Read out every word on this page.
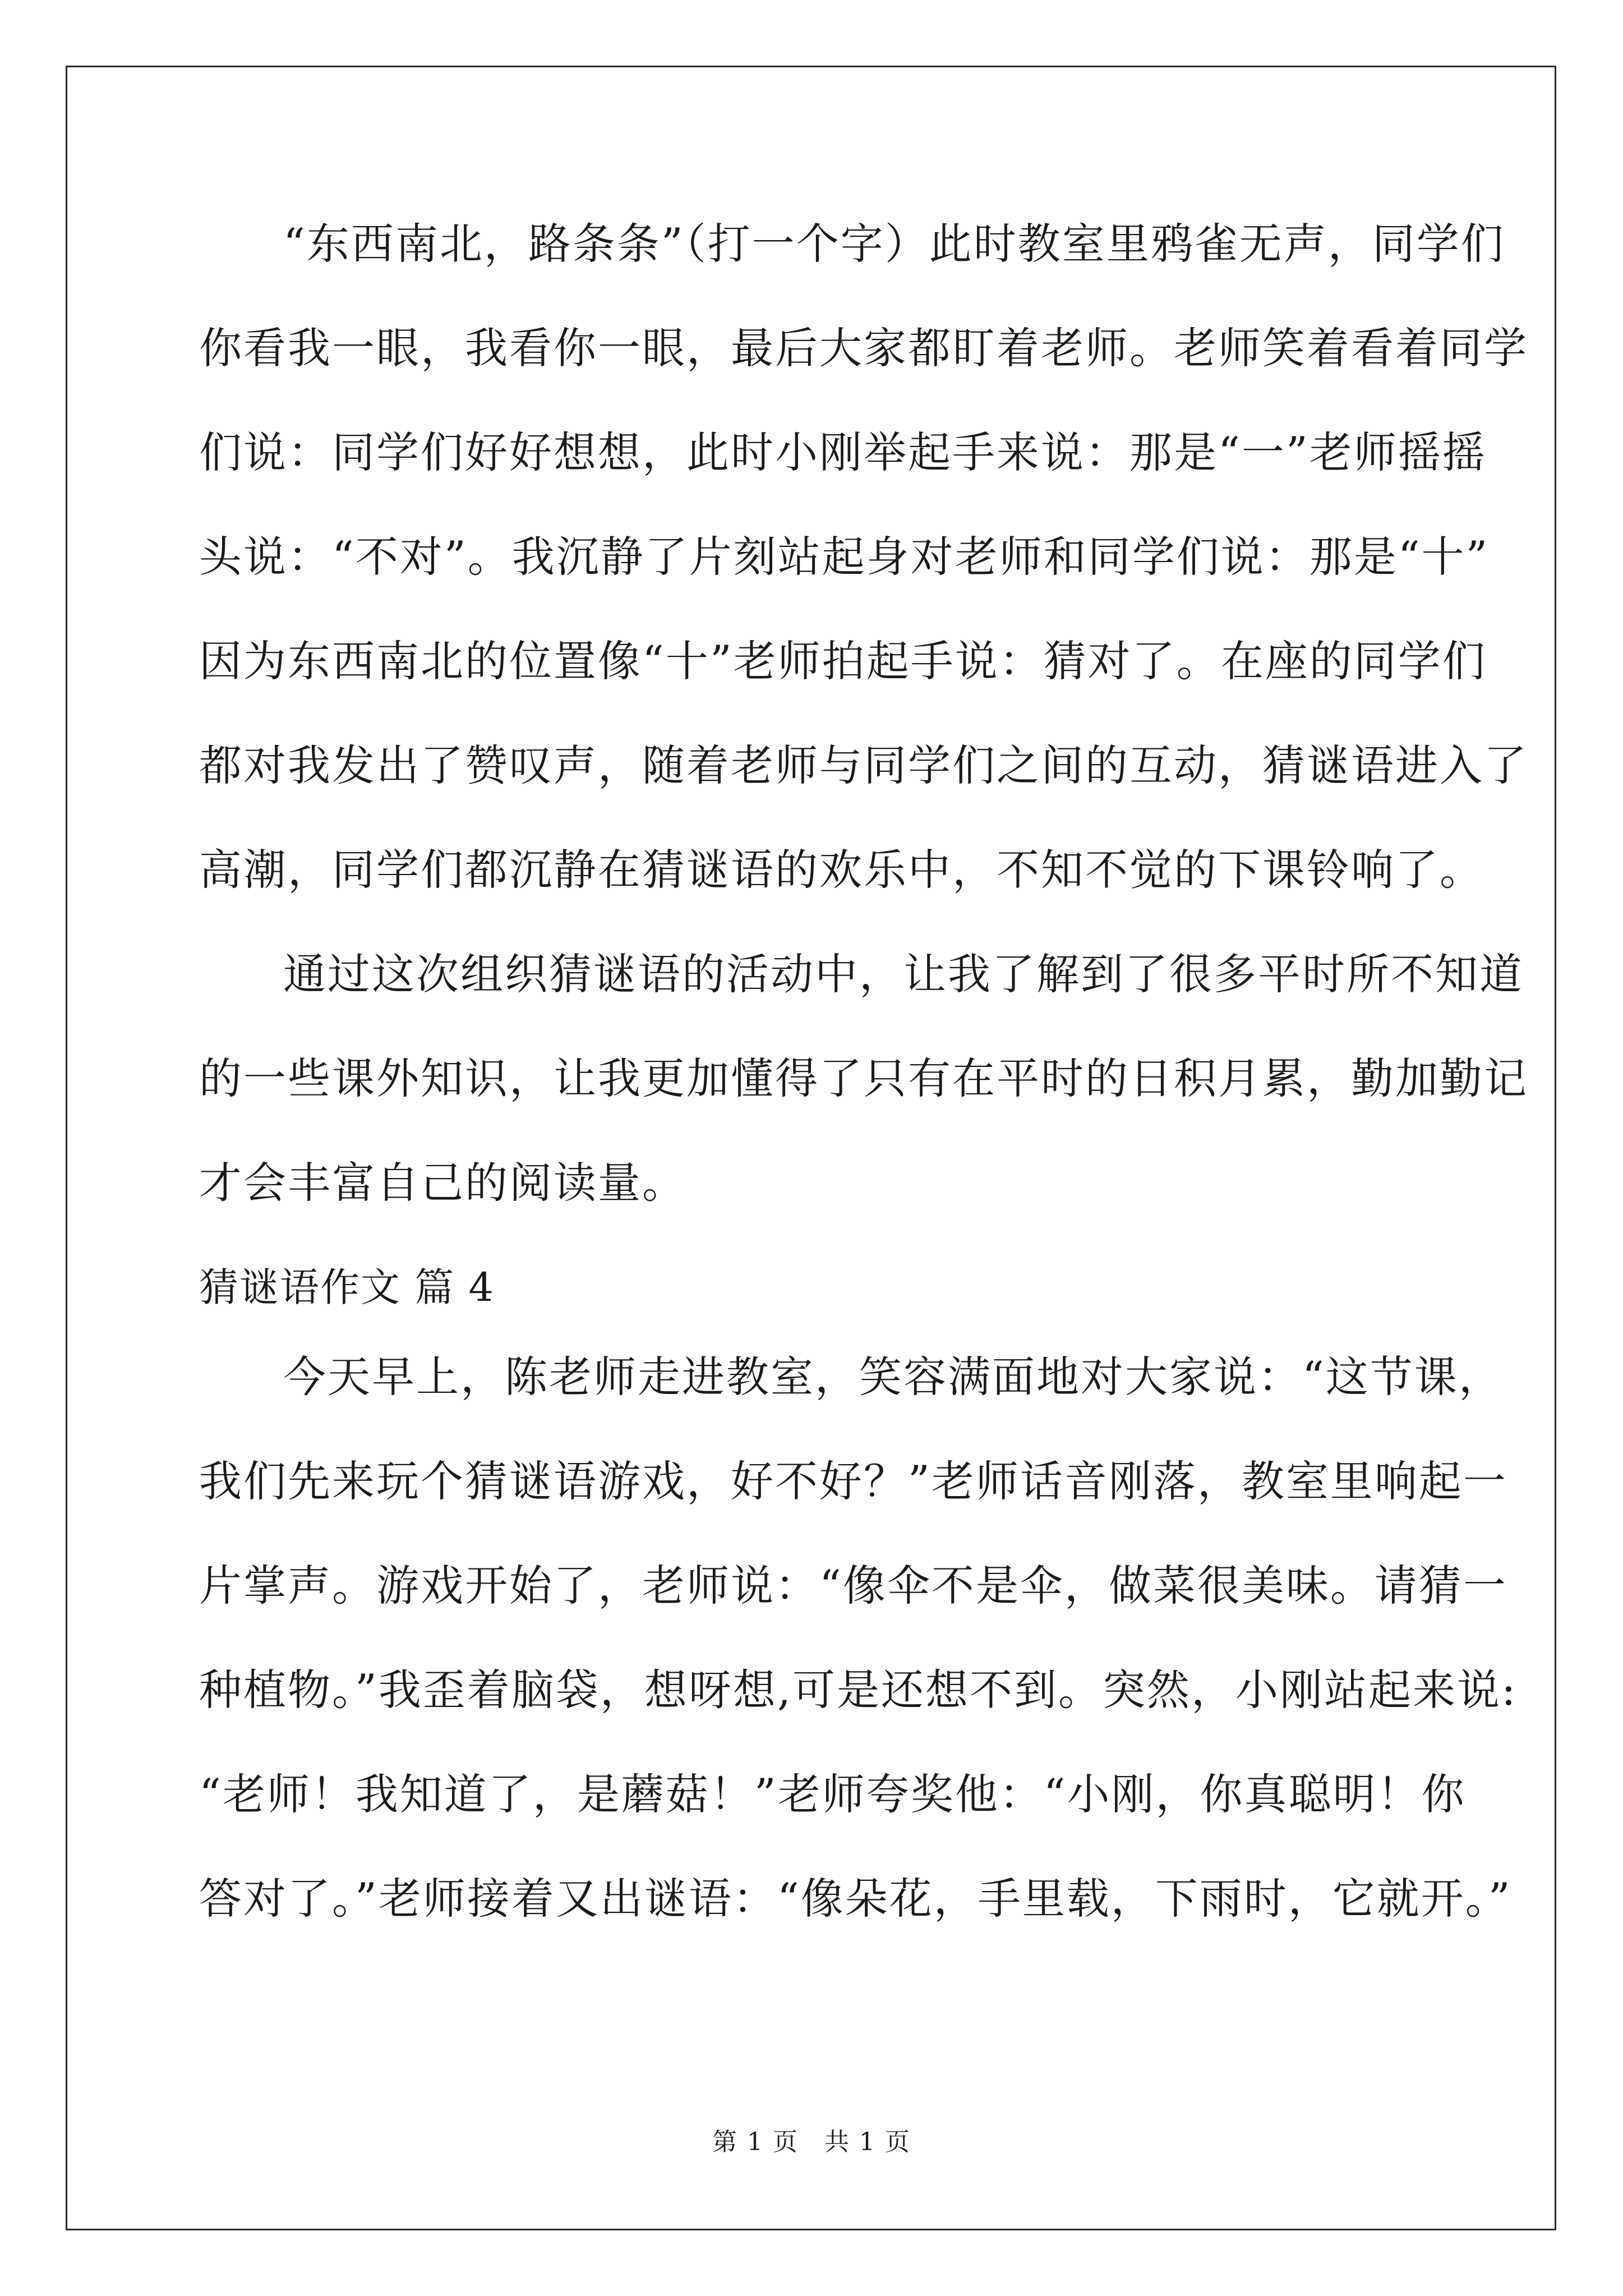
“东西南北，路条条”（打一个字）此时教室里鸦雀无声，同学们
你看我一眼，我看你一眼，最后大家都盯着老师。老师笑着看着同学
们说：同学们好好想想，此时小刚举起手来说：那是“一”老师摇摇
头说：“不对”。我沉静了片刻站起身对老师和同学们说：那是“十”
因为东西南北的位置像“十”老师拍起手说：猜对了。在座的同学们
都对我发出了赞叹声，随着老师与同学们之间的互动，猜谜语进入了
高潮，同学们都沉静在猜谜语的欢乐中，不知不觉的下课铃响了。
通过这次组织猜谜语的活动中，让我了解到了很多平时所不知道
的一些课外知识，让我更加懂得了只有在平时的日积月累，勤加勤记
才会丰富自己的阅读量。
猜谜语作文 篇 4
今天早上，陈老师走进教室，笑容满面地对大家说：“这节课，
我们先来玩个猜谜语游戏，好不好？”老师话音刚落，教室里响起一
片掌声。游戏开始了，老师说：“像伞不是伞，做菜很美味。请猜一
种植物。”我歪着脑袋，想呀想,可是还想不到。突然，小刚站起来说:
“老师！我知道了，是蘑菇！”老师夸奖他：“小刚，你真聪明！你
答对了。”老师接着又出谜语：“像朵花，手里载，下雨时，它就开。”
第 1 页　共 1 页
